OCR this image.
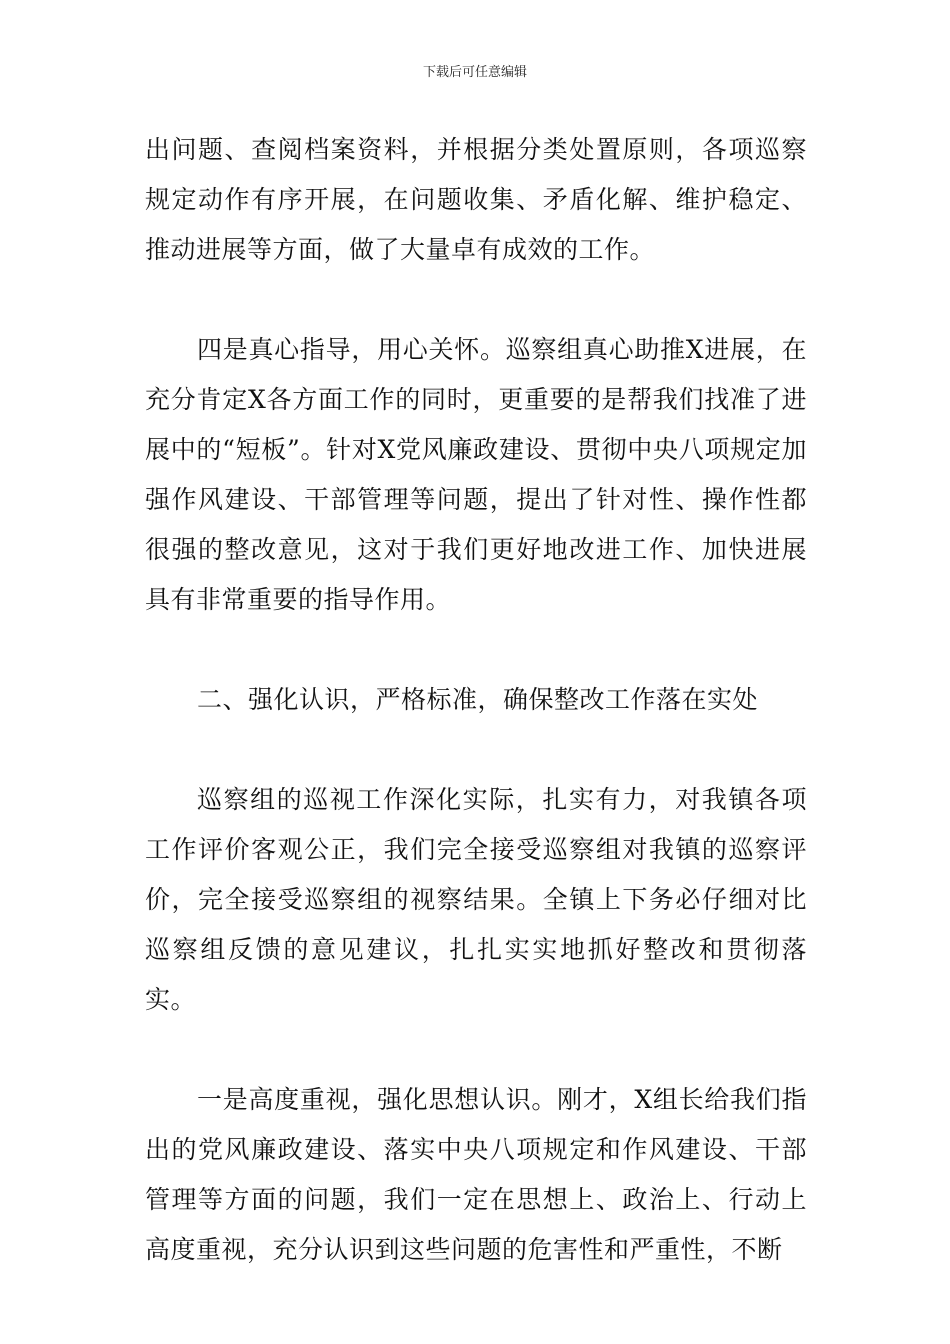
下载后可任意编辑

出问题、查阅档案资料，并根据分类处置原则，各项巡察规定动作有序开展，在问题收集、矛盾化解、维护稳定、推动进展等方面，做了大量卓有成效的工作。

四是真心指导，用心关怀。巡察组真心助推X进展，在充分肯定X各方面工作的同时，更重要的是帮我们找准了进展中的“短板”。针对X党风廉政建设、贯彻中央八项规定加强作风建设、干部管理等问题，提出了针对性、操作性都很强的整改意见，这对于我们更好地改进工作、加快进展具有非常重要的指导作用。

二、强化认识，严格标准，确保整改工作落在实处

巡察组的巡视工作深化实际，扎实有力，对我镇各项工作评价客观公正，我们完全接受巡察组对我镇的巡察评价，完全接受巡察组的视察结果。全镇上下务必仔细对比巡察组反馈的意见建议，扎扎实实地抓好整改和贯彻落实。

一是高度重视，强化思想认识。刚才，X组长给我们指出的党风廉政建设、落实中央八项规定和作风建设、干部管理等方面的问题，我们一定在思想上、政治上、行动上高度重视，充分认识到这些问题的危害性和严重性，不断
